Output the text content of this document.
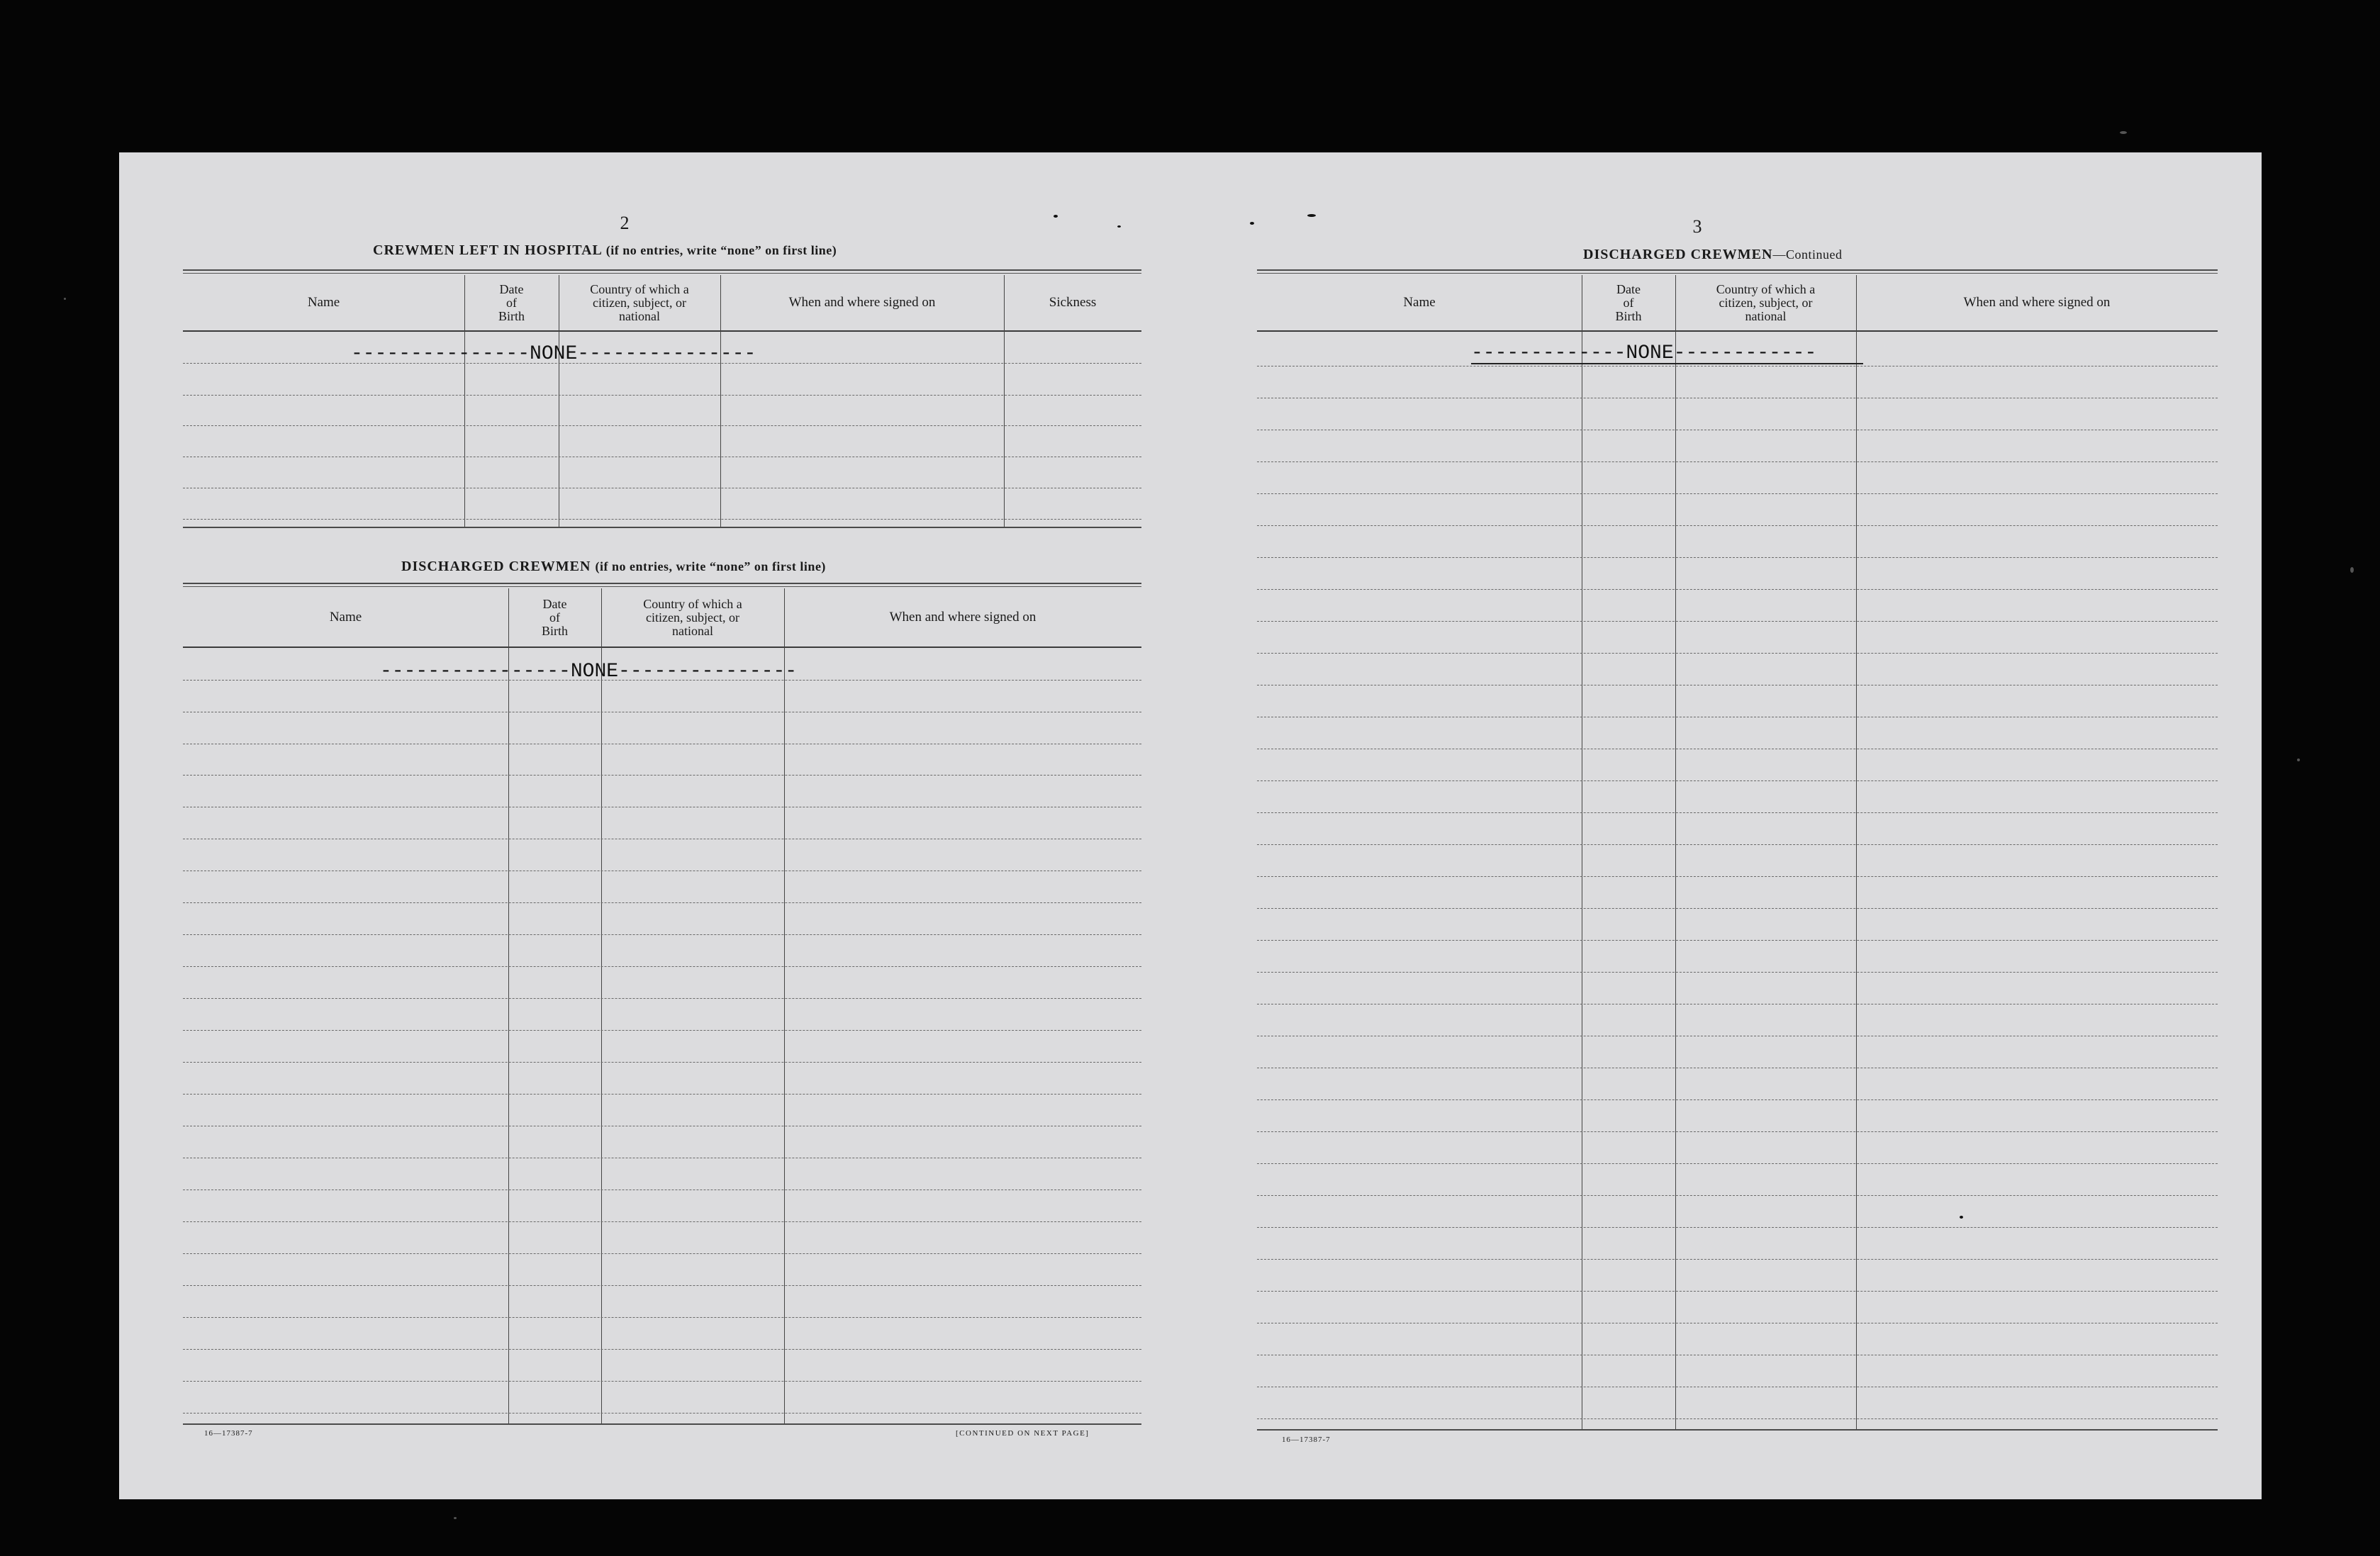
2
CREWMEN LEFT IN HOSPITAL (if no entries, write “none” on first line)
Name
Date
of
Birth
Country of which a
citizen, subject, or
national
When and where signed on	Sickness
---------------NONE---------------
DISCHARGED CREWMEN (if no entries, write “none” on first line)
Name
Date
of
Birth
Country of which a
citizen, subject, or
national
When and where signed on
----------------NONE---------------
16—17387-7	[CONTINUED ON NEXT PAGE]
3
DISCHARGED CREWMEN—Continued
Name
Date
of
Birth
Country of which a
citizen, subject, or
national
When and where signed on
-------------NONE------------
16—17387-7
